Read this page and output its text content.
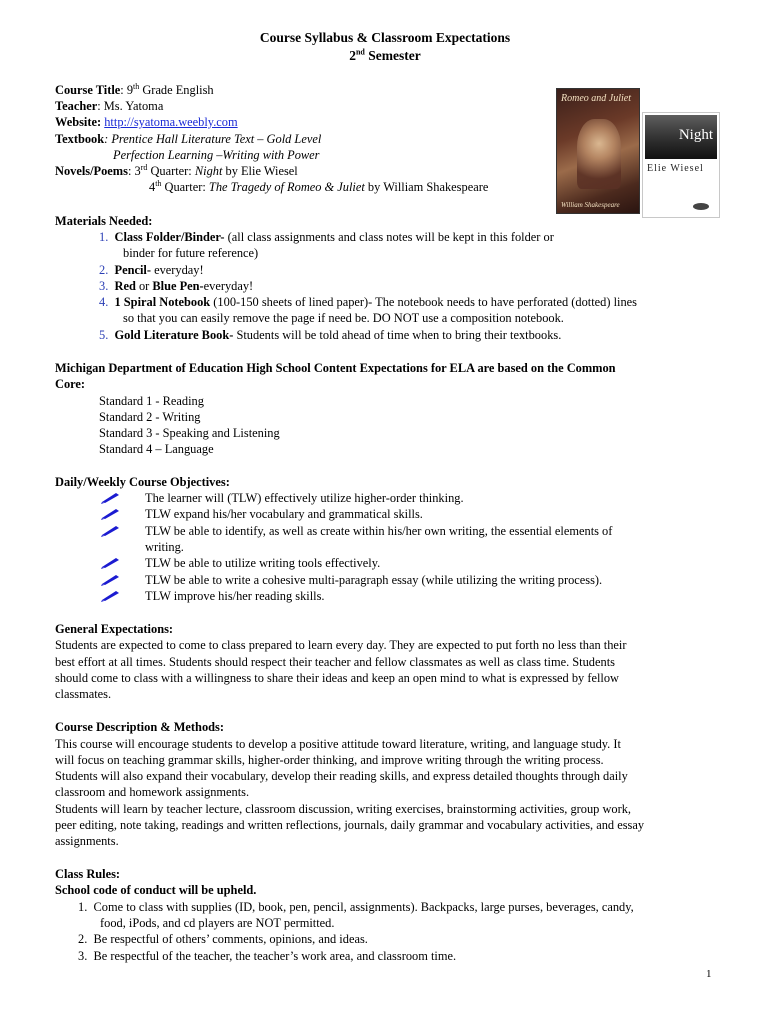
Course Syllabus & Classroom Expectations
2nd Semester
Course Title: 9th Grade English
Teacher: Ms. Yatoma
Website: http://syatoma.weebly.com
Textbook: Prentice Hall Literature Text – Gold Level
Perfection Learning –Writing with Power
Novels/Poems: 3rd Quarter: Night by Elie Wiesel
4th Quarter: The Tragedy of Romeo & Juliet by William Shakespeare
Romeo and Juliet
William Shakespeare
Night
Elie Wiesel
Materials Needed:
1. Class Folder/Binder- (all class assignments and class notes will be kept in this folder or
binder for future reference)
2. Pencil- everyday!
3. Red or Blue Pen-everyday!
4. 1 Spiral Notebook (100-150 sheets of lined paper)- The notebook needs to have perforated (dotted) lines
so that you can easily remove the page if need be. DO NOT use a composition notebook.
5. Gold Literature Book- Students will be told ahead of time when to bring their textbooks.
Michigan Department of Education High School Content Expectations for ELA are based on the Common
Core:
Standard 1 - Reading
Standard 2 - Writing
Standard 3 - Speaking and Listening
Standard 4 – Language
Daily/Weekly Course Objectives:
The learner will (TLW) effectively utilize higher-order thinking.
TLW expand his/her vocabulary and grammatical skills.
TLW be able to identify, as well as create within his/her own writing, the essential elements of
writing.
TLW be able to utilize writing tools effectively.
TLW be able to write a cohesive multi-paragraph essay (while utilizing the writing process).
TLW improve his/her reading skills.
General Expectations:
Students are expected to come to class prepared to learn every day. They are expected to put forth no less than their
best effort at all times. Students should respect their teacher and fellow classmates as well as class time. Students
should come to class with a willingness to share their ideas and keep an open mind to what is expressed by fellow
classmates.
Course Description & Methods:
This course will encourage students to develop a positive attitude toward literature, writing, and language study. It
will focus on teaching grammar skills, higher-order thinking, and improve writing through the writing process.
Students will also expand their vocabulary, develop their reading skills, and express detailed thoughts through daily
classroom and homework assignments.
Students will learn by teacher lecture, classroom discussion, writing exercises, brainstorming activities, group work,
peer editing, note taking, readings and written reflections, journals, daily grammar and vocabulary activities, and essay
assignments.
Class Rules:
School code of conduct will be upheld.
1. Come to class with supplies (ID, book, pen, pencil, assignments). Backpacks, large purses, beverages, candy,
food, iPods, and cd players are NOT permitted.
2. Be respectful of others’ comments, opinions, and ideas.
3. Be respectful of the teacher, the teacher’s work area, and classroom time.
1
